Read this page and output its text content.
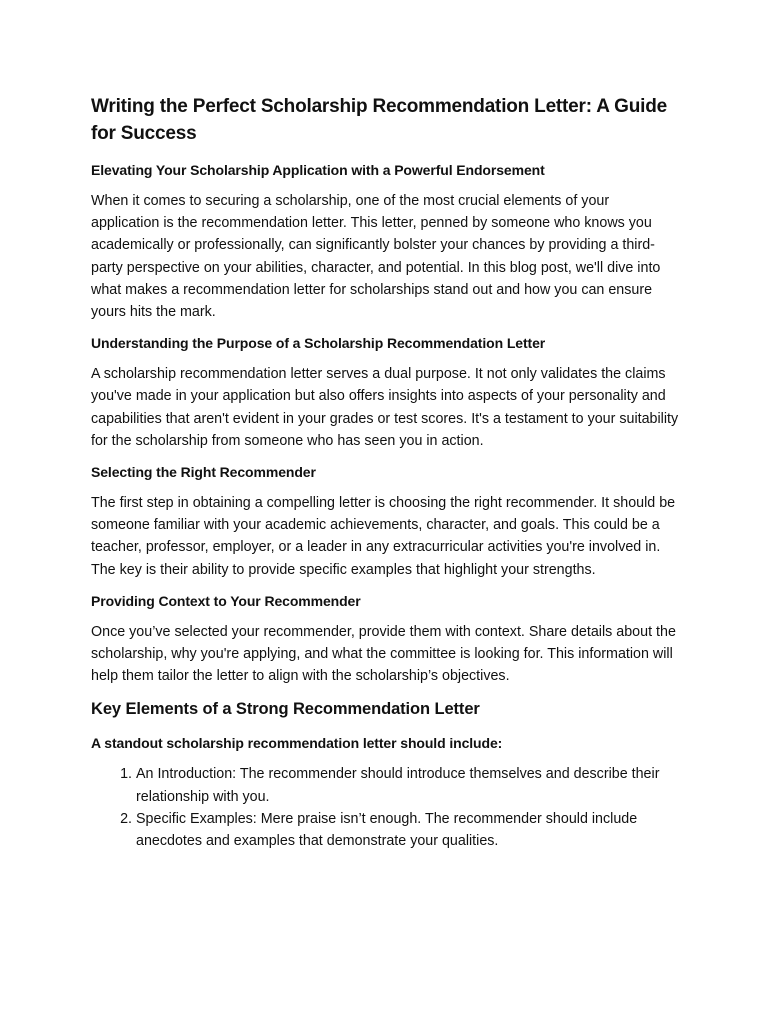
Writing the Perfect Scholarship Recommendation Letter: A Guide for Success
Elevating Your Scholarship Application with a Powerful Endorsement

When it comes to securing a scholarship, one of the most crucial elements of your application is the recommendation letter. This letter, penned by someone who knows you academically or professionally, can significantly bolster your chances by providing a third-party perspective on your abilities, character, and potential. In this blog post, we'll dive into what makes a recommendation letter for scholarships stand out and how you can ensure yours hits the mark.

Understanding the Purpose of a Scholarship Recommendation Letter

A scholarship recommendation letter serves a dual purpose. It not only validates the claims you've made in your application but also offers insights into aspects of your personality and capabilities that aren't evident in your grades or test scores. It's a testament to your suitability for the scholarship from someone who has seen you in action.

Selecting the Right Recommender

The first step in obtaining a compelling letter is choosing the right recommender. It should be someone familiar with your academic achievements, character, and goals. This could be a teacher, professor, employer, or a leader in any extracurricular activities you're involved in. The key is their ability to provide specific examples that highlight your strengths.

Providing Context to Your Recommender

Once you’ve selected your recommender, provide them with context. Share details about the scholarship, why you're applying, and what the committee is looking for. This information will help them tailor the letter to align with the scholarship’s objectives.

Key Elements of a Strong Recommendation Letter
A standout scholarship recommendation letter should include:
1. An Introduction: The recommender should introduce themselves and describe their relationship with you.
2. Specific Examples: Mere praise isn’t enough. The recommender should include anecdotes and examples that demonstrate your qualities.
